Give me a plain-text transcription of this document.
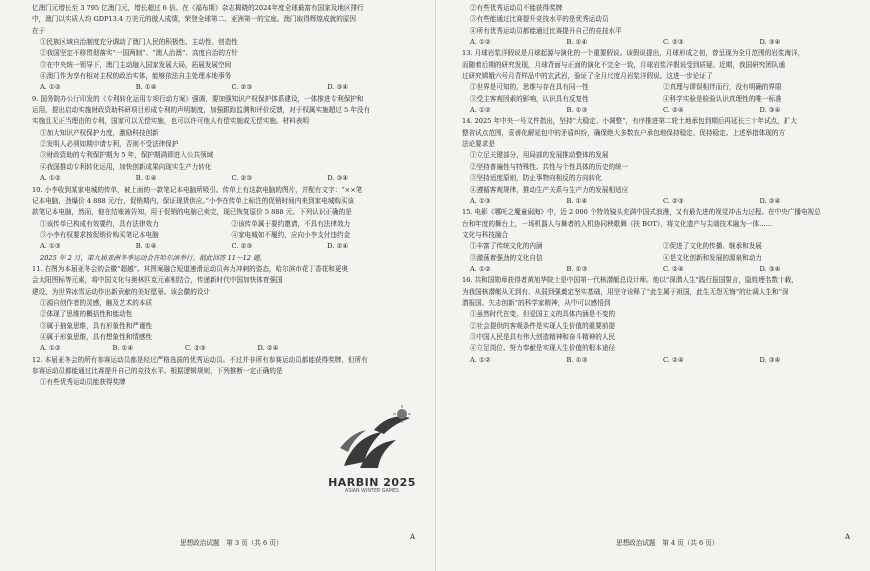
亿澳门元增长至 3 795 亿澳门元，增长超过 6 倍。在《福布斯》杂志揭晓的2024年度全球最富有国家及地区排行
中，澳门以实质人均 GDP13.4 万美元的傲人成绩，荣登全球第二、亚洲第一的宝座。澳门取得辉煌成就的原因
在于
①民族区域自治制度充分调动了澳门人民的积极性、主动性、创造性
②我国坚定不移贯彻落实“一国两制”、“澳人治澳”、高度自治的方针
③在中央统一领导下，澳门主动融入国家发展大局，拓展发展空间
④澳门作为享有相对主权的政治实体，能够依法自主处理本地事务
A. ①②	B. ①④	C. ②③	D. ③④
9. 国务院办公厅印发的《专利转化运用专项行动方案》强调，要加强知识产权保护体系建设，一体推进专利保护和
运用，提出启动实施财政资助科研项目形成专利的声明制度，加强跟踪监测和评价反馈，对于权属实施超过 5 年没有
实施且无正当理由的专利，国家可以无偿实施，也可以许可他人有偿实施或无偿实施。材料表明
①加大知识产权保护力度，激励科技创新
②发明人必须如期申请专利，否则不受法律保护
③财政资助的专利保护期为 5 年，保护期满即进入公共领域
④我国推动专利转化运用，加快创新成果向现实生产力转化
A. ①②	B. ①④	C. ②③	D. ③④
10. 小李收到某家电城的传单，被上面的一款笔记本电脑所吸引。传单上有这款电脑的图片，并配有文字：“××笔
记本电脑，劲爆价 4 888 元/台，促销期内，保证现货供应。”小李在传单上标注的促销时间内来到家电城购买该
款笔记本电脑，然而，他在结账被告知，用于促销的电脑已卖完，现已恢复原价 5 888 元。下列认识正确的是
①该传单已构成有效要约，具有法律效力	②该传单属于要约邀请，不具有法律效力
③小李有权要求按促销价购买笔记本电脑	④家电城如不履约，应向小李支付违约金
A. ①③	B. ①④	C. ②③	D. ②④
2025 年 2 月，第九届亚洲冬季运动会在哈尔滨举行。据此回答 11～12 题。
11. 右图为本届亚冬会的会徽“超越”。其图案融合短道速滑运动员奔力冲刺的姿态，哈尔滨市花丁香花和更奥
会太阳图标等元素，将中国文化与奥林匹克元素相结合，传递新时代中国加快体育强国
建设，为世界冰雪运动作出新贡献的美好愿景。该会徽的设计
①源自创作者的灵感，触及艺术的本质
②体现了思维的概括性和能动性
③属于抽象思维，具有形象性和严谨性
④属于形象思维，具有想象性和情感性
A. ①②	B. ①④	C. ②③	D. ②④
12. 本届亚冬会的所有参赛运动员都是经过严格选拔的优秀运动员。不过并非所有参赛运动员都能获得奖牌，但所有
参赛运动员都能通过比赛提升自己的竞技水平。根据逻辑规则，下列推断一定正确的是
①有些优秀运动员能获得奖牌
HARBIN 2025
ASIAN WINTER GAMES
思想政治试题　第 3 页（共 6 页）
A
②有些优秀运动员不能获得奖牌
③有些能通过比赛提升竞技水平的是优秀运动员
④所有优秀运动员都能通过比赛提升自己的竞技水平
A. ①②	B. ①④	C. ②③	D. ③④
13. 月球岩浆洋假说是月球起源与演化的一个重要假说。该假说提出，月球形成之初，曾呈现为全月范围的岩浆海洋，
而随着后期的研究发现，月球背面与正面的演化不完全一致，月球岩浆洋假说受到质疑。近期，我国研究团队通
过研究嫦娥六号月背样品中的玄武岩，验证了全月尺度月岩浆洋假说。这进一步论证了
①世界是可知的，思维与存在具有同一性	②真理与谬误相伴而行，没有明确的界限
③受主客观因素的影响，认识具有反复性	④科学实验是检验认识真理性的唯一标准
A. ①②	B. ①③	C. ②④	D. ③④
14. 2025 年中央一号文件指出，坚持“大稳定、小调整”，有序推进第二轮土地承包到期后再延长三十年试点，扩大
整省试点范围，妥善化解延包中的矛盾纠纷，确保绝大多数农户承包地保持稳定、促持稳定。上述举措体现的方
法论要求是
①立足关键部分，用局部的发展推动整体的发展
②坚持普遍性与特殊性、共性与个性具体的历史的统一
③坚持适度原则，防止事物向相反的方向转化
④遵循客观规律，推动生产关系与生产力的发展相适应
A. ①③	B. ①④	C. ②③	D. ②④
15. 电影《哪吒之魔童闹海》中，近 2 000 个特效镜头充满中国式浪漫，又有最先进的视觉冲击力过程。在中央广播电视总
台和年度的舞台上，一场机器人与舞者的人机协同秧歌舞《扶 BOT》，将文化遗产与尖端技术融为一体……
文化与科技融合
①丰富了传统文化的内涵	②促进了文化的传播、继承和发展
③激荡着强劲的文化自信	④是文化创新和发展的源泉和动力
A. ①②	B. ①③	C. ②④	D. ③④
16. 共和国勋章获得者黄旭华院士是中国第一代核潜艇总设计师。他以“深潜人生”践行报国誓言，隐姓埋名数十载，
为我国核潜艇从无到有、从弱到强奠定坚实基础，用坚守诠释了“此生属于祖国，此生无怨无悔”的壮阔人生和“深
潜报国、矢志创新”的科学家精神，从中可以感悟到
①虽然时代在变，但爱国主义的具体内涵是不变的
②社会提供的客观条件是实现人生价值的重要前提
③中国人民是具有伟大创造精神和奋斗精神的人民
④立足岗位、努力奉献是实现人生价值的根本途径
A. ①②	B. ①③	C. ②④	D. ③④
思想政治试题　第 4 页（共 6 页）
A
